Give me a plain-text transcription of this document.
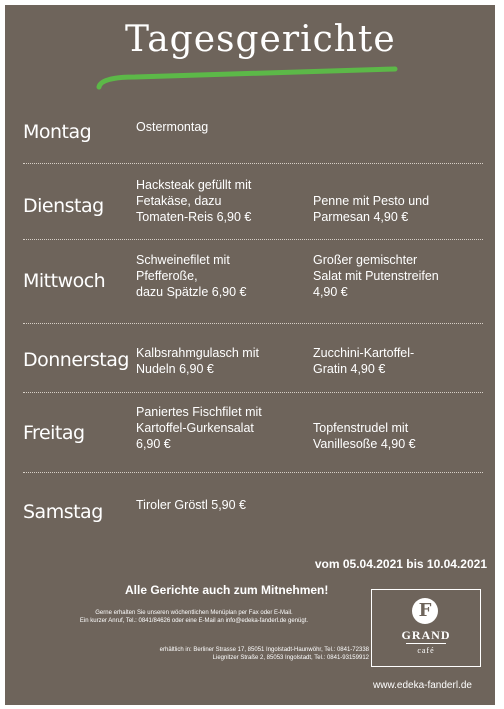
Tagesgerichte
Montag	Ostermontag
Dienstag
Hacksteak gefüllt mit
Fetakäse, dazu
Tomaten-Reis 6,90 €
Penne mit Pesto und
Parmesan 4,90 €
Mittwoch
Schweinefilet mit
Pfefferoße,
dazu Spätzle 6,90 €
Großer gemischter
Salat mit Putenstreifen
4,90 €
Donnerstag Kalbsrahmgulasch mit
Nudeln 6,90 €
Zucchini-Kartoffel-
Gratin 4,90 €
Freitag
Paniertes Fischfilet mit
Kartoffel-Gurkensalat
6,90 €
Topfenstrudel mit
Vanillesoße 4,90 €
Samstag	Tiroler Gröstl 5,90 €
vom 05.04.2021 bis 10.04.2021
Alle Gerichte auch zum Mitnehmen!
Gerne erhalten Sie unseren wöchentlichen Menüplan per Fax oder E-Mail.
Ein kurzer Anruf, Tel.: 0841/84626 oder eine E-Mail an info@edeka-fanderl.de genügt.
erhältlich in: Berliner Strasse 17, 85051 Ingolstadt-Haunwöhr, Tel.: 0841-72338
Liegnitzer Straße 2, 85053 Ingolstadt, Tel.: 0841-93159912
F
GRAND
café
www.edeka-fanderl.de
